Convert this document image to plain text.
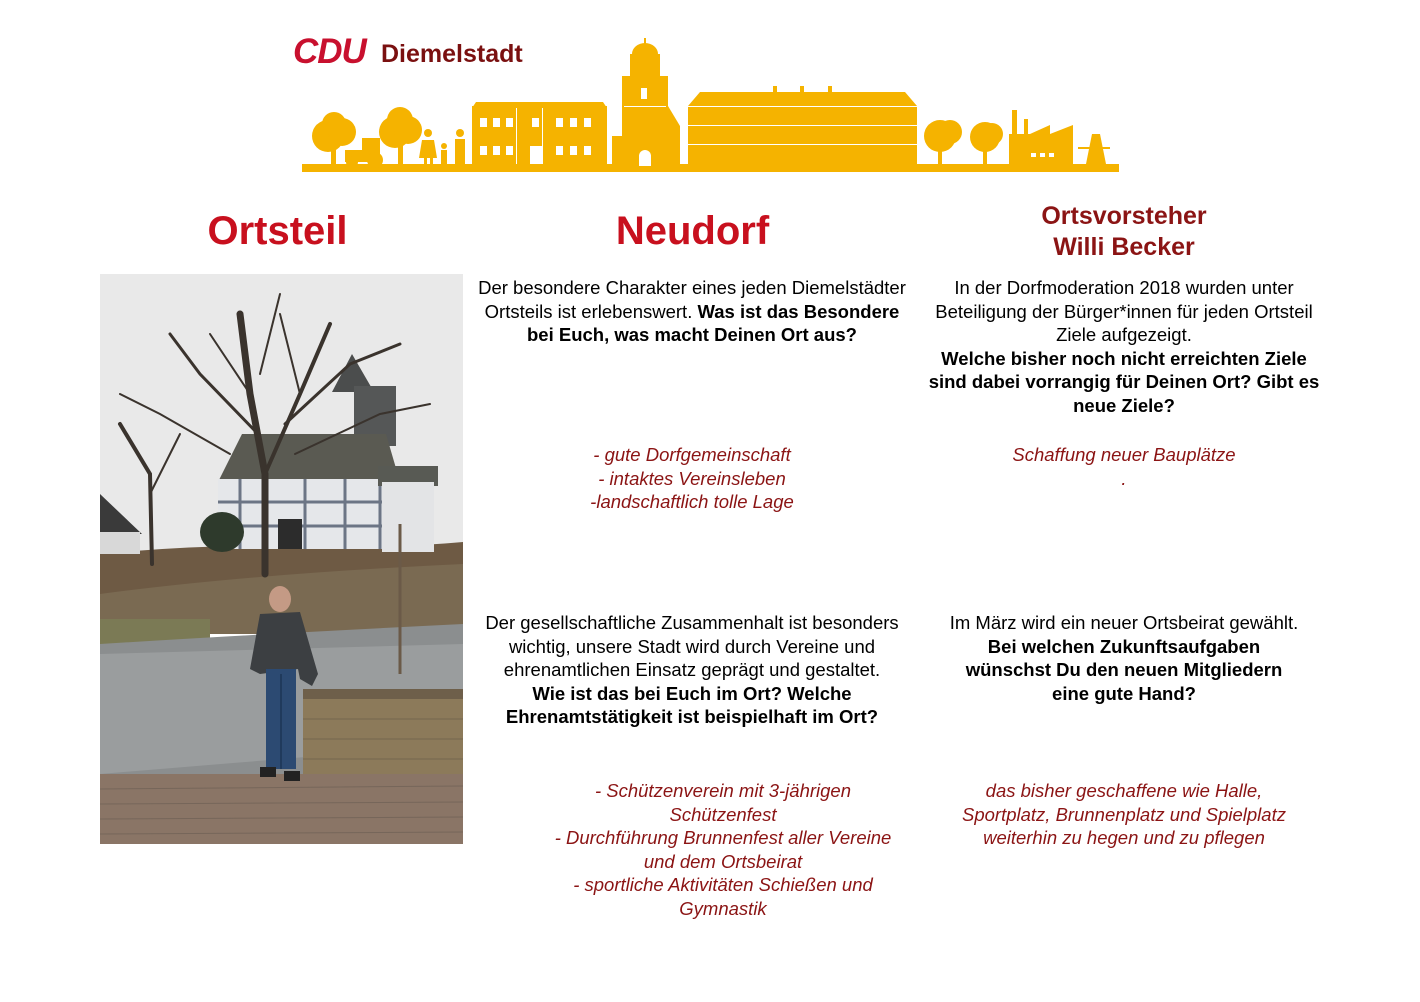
CDU Diemelstadt
Ortsteil	Neudorf	Ortsvorsteher
Willi Becker
Der besondere Charakter eines jeden Diemelstädter Ortsteils ist erlebenswert. Was ist das Besondere bei Euch, was macht Deinen Ort aus?
- gute Dorfgemeinschaft
- intaktes Vereinsleben
-landschaftlich tolle Lage
In der Dorfmoderation 2018 wurden unter Beteiligung der Bürger*innen für jeden Ortsteil Ziele aufgezeigt.
Welche bisher noch nicht erreichten Ziele sind dabei vorrangig für Deinen Ort? Gibt es neue Ziele?
Schaffung neuer Bauplätze
.
Der gesellschaftliche Zusammenhalt ist besonders wichtig, unsere Stadt wird durch Vereine und ehrenamtlichen Einsatz geprägt und gestaltet.
Wie ist das bei Euch im Ort? Welche Ehrenamtstätigkeit ist beispielhaft im Ort?
- Schützenverein mit 3-jährigen
Schützenfest
- Durchführung Brunnenfest aller Vereine
und dem Ortsbeirat
- sportliche Aktivitäten Schießen und
Gymnastik
Im März wird ein neuer Ortsbeirat gewählt.
Bei welchen Zukunftsaufgaben wünschst Du den neuen Mitgliedern eine gute Hand?
das bisher geschaffene wie Halle,
Sportplatz, Brunnenplatz und Spielplatz
weiterhin zu hegen und zu pflegen
